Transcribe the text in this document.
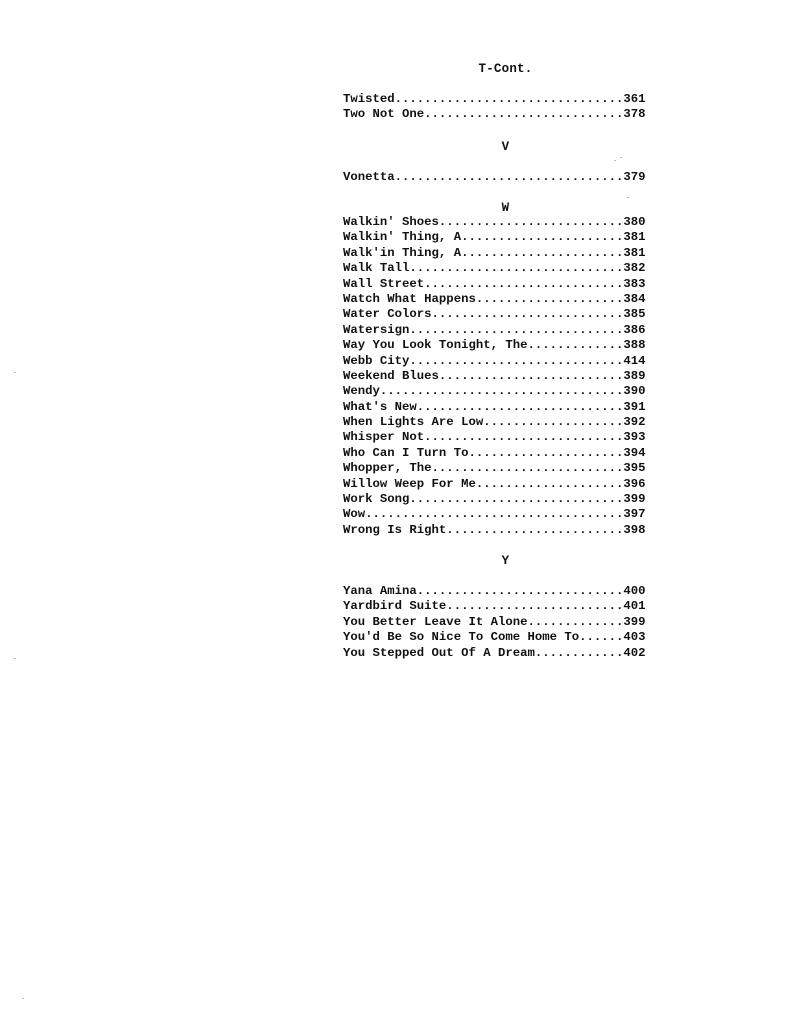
T-Cont.
Twisted...............................361
Two Not One...........................378
V
Vonetta...............................379
W
Walkin' Shoes.........................380
Walkin' Thing, A......................381
Walk'in Thing, A......................381
Walk Tall.............................382
Wall Street...........................383
Watch What Happens....................384
Water Colors..........................385
Watersign.............................386
Way You Look Tonight, The.............388
Webb City.............................414
Weekend Blues.........................389
Wendy.................................390
What's New............................391
When Lights Are Low...................392
Whisper Not...........................393
Who Can I Turn To.....................394
Whopper, The..........................395
Willow Weep For Me....................396
Work Song.............................399
Wow...................................397
Wrong Is Right........................398
Y
Yana Amina............................400
Yardbird Suite........................401
You Better Leave It Alone.............399
You'd Be So Nice To Come Home To......403
You Stepped Out Of A Dream............402
